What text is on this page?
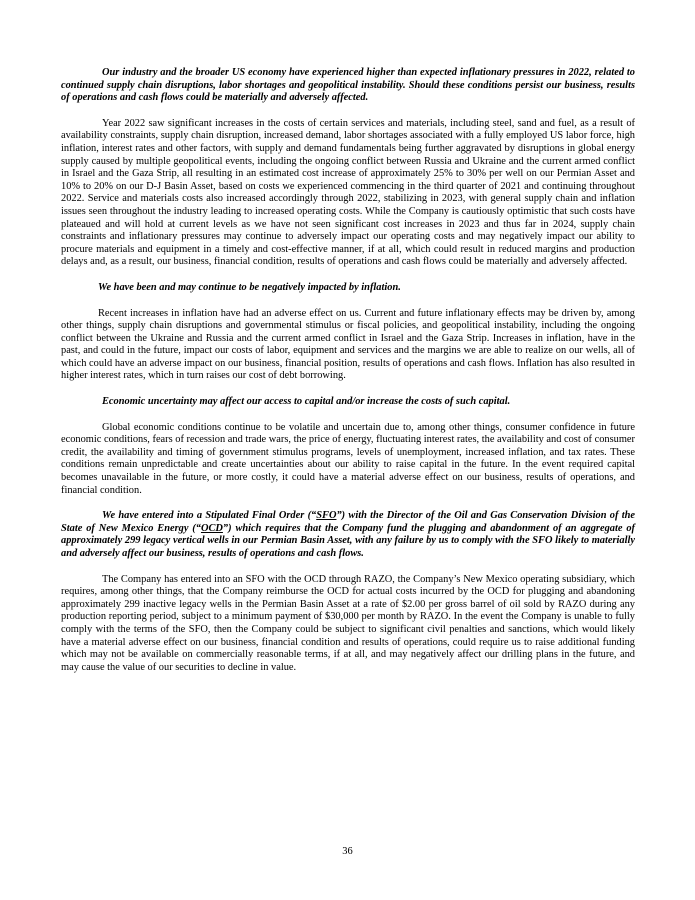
Our industry and the broader US economy have experienced higher than expected inflationary pressures in 2022, related to continued supply chain disruptions, labor shortages and geopolitical instability. Should these conditions persist our business, results of operations and cash flows could be materially and adversely affected.

Year 2022 saw significant increases in the costs of certain services and materials, including steel, sand and fuel, as a result of availability constraints, supply chain disruption, increased demand, labor shortages associated with a fully employed US labor force, high inflation, interest rates and other factors, with supply and demand fundamentals being further aggravated by disruptions in global energy supply caused by multiple geopolitical events, including the ongoing conflict between Russia and Ukraine and the current armed conflict in Israel and the Gaza Strip, all resulting in an estimated cost increase of approximately 25% to 30% per well on our Permian Asset and 10% to 20% on our D-J Basin Asset, based on costs we experienced commencing in the third quarter of 2021 and continuing throughout 2022. Service and materials costs also increased accordingly through 2022, stabilizing in 2023, with general supply chain and inflation issues seen throughout the industry leading to increased operating costs. While the Company is cautiously optimistic that such costs have plateaued and will hold at current levels as we have not seen significant cost increases in 2023 and thus far in 2024, supply chain constraints and inflationary pressures may continue to adversely impact our operating costs and may negatively impact our ability to procure materials and equipment in a timely and cost-effective manner, if at all, which could result in reduced margins and production delays and, as a result, our business, financial condition, results of operations and cash flows could be materially and adversely affected.

We have been and may continue to be negatively impacted by inflation.

Recent increases in inflation have had an adverse effect on us. Current and future inflationary effects may be driven by, among other things, supply chain disruptions and governmental stimulus or fiscal policies, and geopolitical instability, including the ongoing conflict between the Ukraine and Russia and the current armed conflict in Israel and the Gaza Strip. Increases in inflation, have in the past, and could in the future, impact our costs of labor, equipment and services and the margins we are able to realize on our wells, all of which could have an adverse impact on our business, financial position, results of operations and cash flows. Inflation has also resulted in higher interest rates, which in turn raises our cost of debt borrowing.

Economic uncertainty may affect our access to capital and/or increase the costs of such capital.

Global economic conditions continue to be volatile and uncertain due to, among other things, consumer confidence in future economic conditions, fears of recession and trade wars, the price of energy, fluctuating interest rates, the availability and cost of consumer credit, the availability and timing of government stimulus programs, levels of unemployment, increased inflation, and tax rates. These conditions remain unpredictable and create uncertainties about our ability to raise capital in the future. In the event required capital becomes unavailable in the future, or more costly, it could have a material adverse effect on our business, results of operations, and financial condition.

We have entered into a Stipulated Final Order (“SFO”) with the Director of the Oil and Gas Conservation Division of the State of New Mexico Energy (“OCD”) which requires that the Company fund the plugging and abandonment of an aggregate of approximately 299 legacy vertical wells in our Permian Basin Asset, with any failure by us to comply with the SFO likely to materially and adversely affect our business, results of operations and cash flows.

The Company has entered into an SFO with the OCD through RAZO, the Company’s New Mexico operating subsidiary, which requires, among other things, that the Company reimburse the OCD for actual costs incurred by the OCD for plugging and abandoning approximately 299 inactive legacy wells in the Permian Basin Asset at a rate of $2.00 per gross barrel of oil sold by RAZO during any production reporting period, subject to a minimum payment of $30,000 per month by RAZO. In the event the Company is unable to fully comply with the terms of the SFO, then the Company could be subject to significant civil penalties and sanctions, which would likely have a material adverse effect on our business, financial condition and results of operations, could require us to raise additional funding which may not be available on commercially reasonable terms, if at all, and may negatively affect our drilling plans in the future, and may cause the value of our securities to decline in value.

36
